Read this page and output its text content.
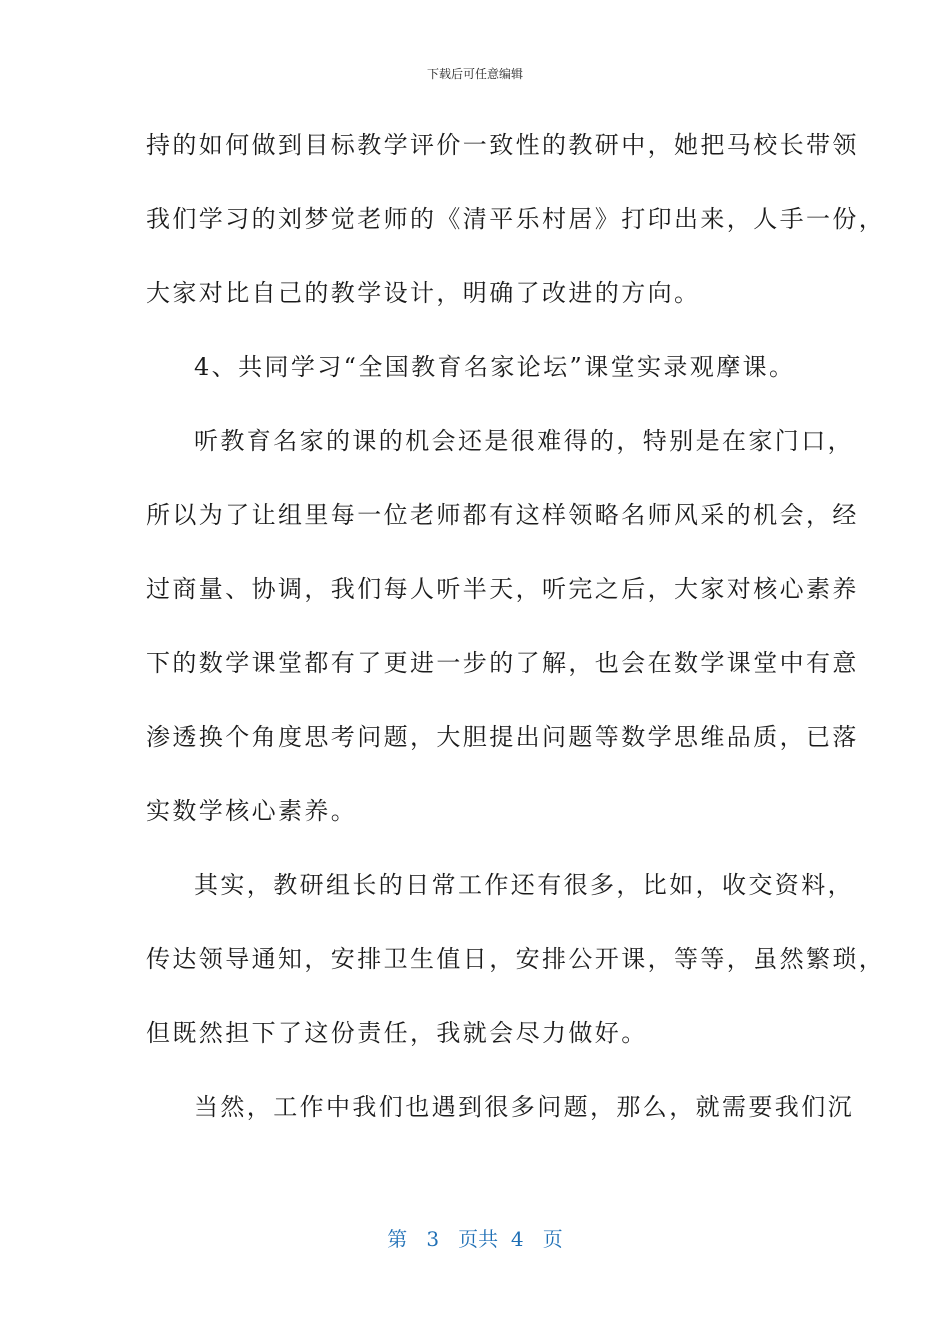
下载后可任意编辑
持的如何做到目标教学评价一致性的教研中，她把马校长带领
我们学习的刘梦觉老师的《清平乐村居》打印出来，人手一份，
大家对比自己的教学设计，明确了改进的方向。
4、共同学习“全国教育名家论坛”课堂实录观摩课。
听教育名家的课的机会还是很难得的，特别是在家门口，
所以为了让组里每一位老师都有这样领略名师风采的机会，经
过商量、协调，我们每人听半天，听完之后，大家对核心素养
下的数学课堂都有了更进一步的了解，也会在数学课堂中有意
渗透换个角度思考问题，大胆提出问题等数学思维品质，已落
实数学核心素养。
其实，教研组长的日常工作还有很多，比如，收交资料，
传达领导通知，安排卫生值日，安排公开课，等等，虽然繁琐，
但既然担下了这份责任，我就会尽力做好。
当然，工作中我们也遇到很多问题，那么，就需要我们沉
第 3 页共 4 页
